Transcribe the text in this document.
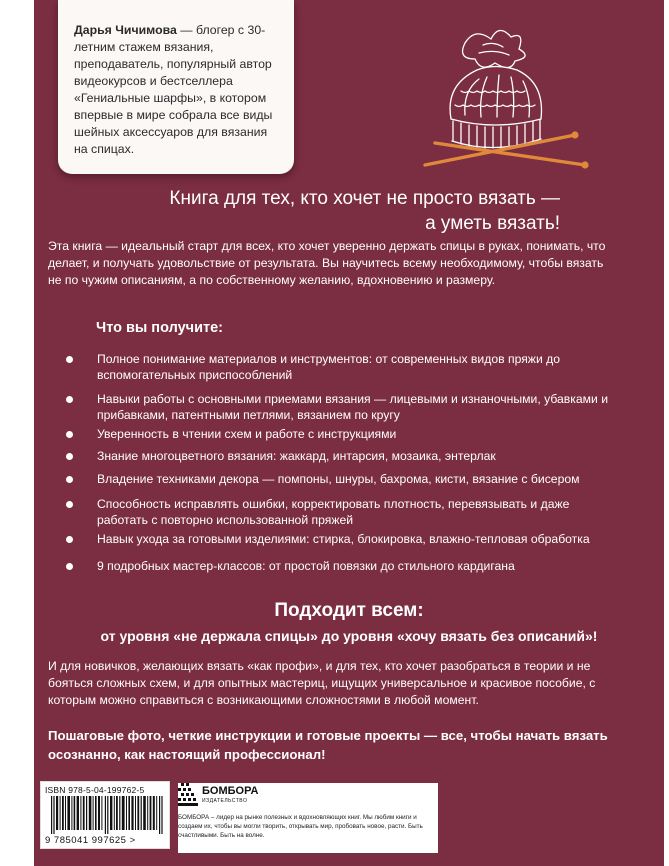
Дарья Чичимова — блогер с 30-летним стажем вязания, преподаватель, популярный автор видеокурсов и бестселлера «Гениальные шарфы», в котором впервые в мире собрала все виды шейных аксессуаров для вязания на спицах.
Книга для тех, кто хочет не просто вязать —
а уметь вязать!
Эта книга — идеальный старт для всех, кто хочет уверенно держать спицы в руках, понимать, что делает, и получать удовольствие от результата. Вы научитесь всему необходимому, чтобы вязать не по чужим описаниям, а по собственному желанию, вдохновению и размеру.
Что вы получите:
Полное понимание материалов и инструментов: от современных видов пряжи до вспомогательных приспособлений
Навыки работы с основными приемами вязания — лицевыми и изнаночными, убавками и прибавками, патентными петлями, вязанием по кругу
Уверенность в чтении схем и работе с инструкциями
Знание многоцветного вязания: жаккард, интарсия, мозаика, энтерлак
Владение техниками декора — помпоны, шнуры, бахрома, кисти, вязание с бисером
Способность исправлять ошибки, корректировать плотность, перевязывать и даже работать с повторно использованной пряжей
Навык ухода за готовыми изделиями: стирка, блокировка, влажно-тепловая обработка
9 подробных мастер-классов: от простой повязки до стильного кардигана
Подходит всем:
от уровня «не держала спицы» до уровня «хочу вязать без описаний»!
И для новичков, желающих вязать «как профи», и для тех, кто хочет разобраться в теории и не бояться сложных схем, и для опытных мастериц, ищущих универсальное и красивое пособие, с которым можно справиться с возникающими сложностями в любой момент.
Пошаговые фото, четкие инструкции и готовые проекты — все, чтобы начать вязать осознанно, как настоящий профессионал!
ISBN 978-5-04-199762-5
9 785041 997625 >
БОМБОРА
ИЗДАТЕЛЬСТВО
БОМБОРА – лидер на рынке полезных и вдохновляющих книг. Мы любим книги и создаем их, чтобы вы могли творить, открывать мир, пробовать новое, расти. Быть счастливыми. Быть на волне.
